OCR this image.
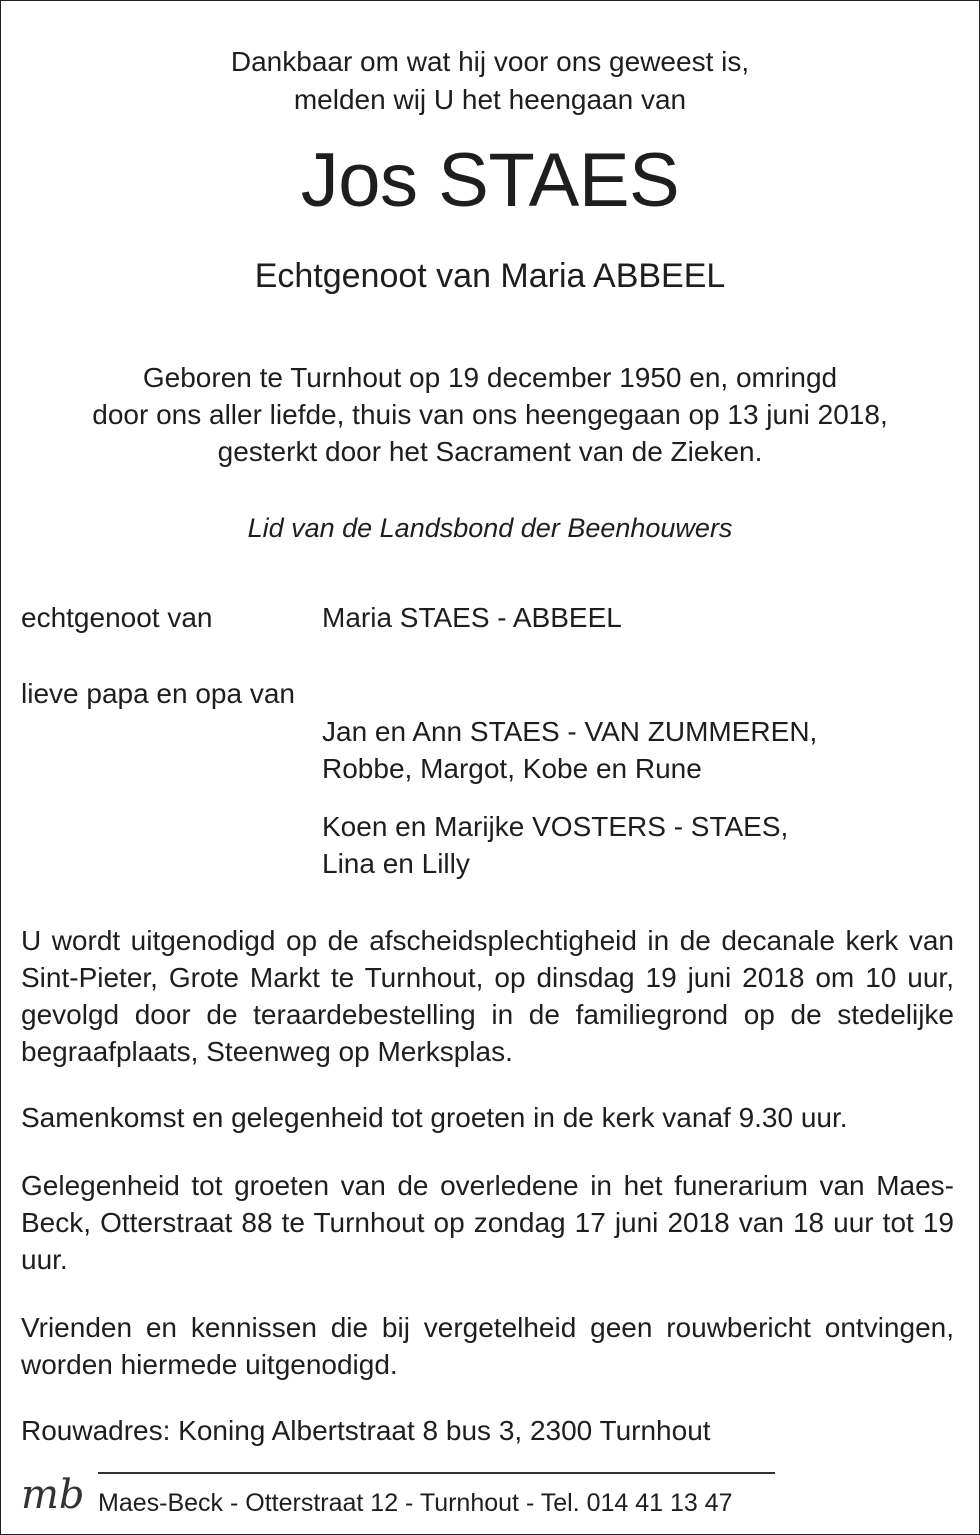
Dankbaar om wat hij voor ons geweest is,

melden wij U het heengaan van

Jos STAES

Echtgenoot van Maria ABBEEL

Geboren te Turnhout op 19 december 1950 en, omringd

door ons aller liefde, thuis van ons heengegaan op 13 juni 2018,

gesterkt door het Sacrament van de Zieken.

Lid van de Landsbond der Beenhouwers

echtgenoot van	Maria STAES - ABBEEL

lieve papa en opa van

Jan en Ann STAES - VAN ZUMMEREN,

Robbe, Margot, Kobe en Rune

Koen en Marijke VOSTERS - STAES,

Lina en Lilly

U wordt uitgenodigd op de afscheidsplechtigheid in de decanale kerk van Sint-Pieter, Grote Markt te Turnhout, op dinsdag 19 juni 2018 om 10 uur, gevolgd door de teraardebestelling in de familiegrond op de stedelijke begraafplaats, Steenweg op Merksplas.

Samenkomst en gelegenheid tot groeten in de kerk vanaf 9.30 uur.

Gelegenheid tot groeten van de overledene in het funerarium van Maes-Beck, Otterstraat 88 te Turnhout op zondag 17 juni 2018 van 18 uur tot 19 uur.

Vrienden en kennissen die bij vergetelheid geen rouwbericht ontvingen, worden hiermede uitgenodigd.

Rouwadres: Koning Albertstraat 8 bus 3, 2300 Turnhout

mb Maes-Beck - Otterstraat 12 - Turnhout - Tel. 014 41 13 47
